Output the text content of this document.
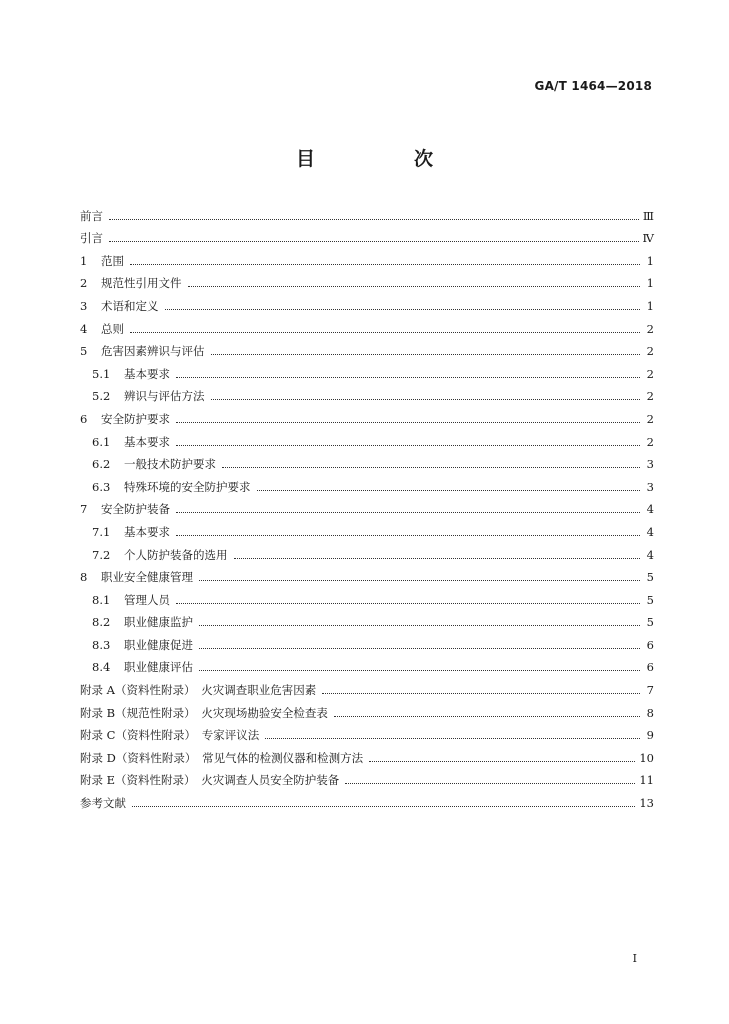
GA/T 1464—2018
目　次
前言	Ⅲ
引言	Ⅳ
1	范围	1
2	规范性引用文件	1
3	术语和定义	1
4	总则	2
5	危害因素辨识与评估	2
5.1	基本要求	2
5.2	辨识与评估方法	2
6	安全防护要求	2
6.1	基本要求	2
6.2	一般技术防护要求	3
6.3	特殊环境的安全防护要求	3
7	安全防护装备	4
7.1	基本要求	4
7.2	个人防护装备的选用	4
8	职业安全健康管理	5
8.1	管理人员	5
8.2	职业健康监护	5
8.3	职业健康促进	6
8.4	职业健康评估	6
附录 A（资料性附录）　火灾调查职业危害因素	7
附录 B（规范性附录）　火灾现场勘验安全检查表	8
附录 C（资料性附录）　专家评议法	9
附录 D（资料性附录）　常见气体的检测仪器和检测方法	10
附录 E（资料性附录）　火灾调查人员安全防护装备	11
参考文献	13
I
